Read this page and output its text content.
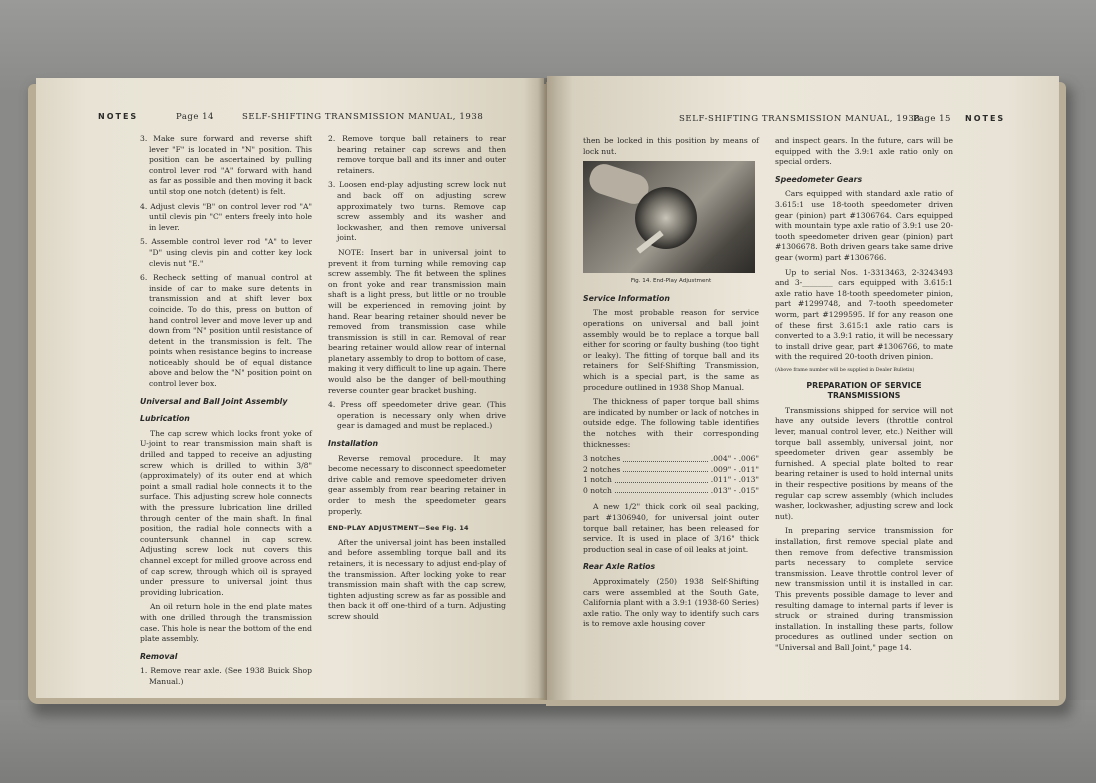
NOTES	Page 14	SELF-SHIFTING TRANSMISSION MANUAL, 1938
3. Make sure forward and reverse shift lever "F" is located in "N" position. This position can be ascertained by pulling control lever rod "A" forward with hand as far as possible and then moving it back until stop one notch (detent) is felt.
4. Adjust clevis "B" on control lever rod "A" until clevis pin "C" enters freely into hole in lever.
5. Assemble control lever rod "A" to lever "D" using clevis pin and cotter key lock clevis nut "E."
6. Recheck setting of manual control at inside of car to make sure detents in transmission and at shift lever box coincide. To do this, press on button of hand control lever and move lever up and down from "N" position until resistance of detent in the transmission is felt. The points when resistance begins to increase noticeably should be of equal distance above and below the "N" position point on control lever box.
Universal and Ball Joint Assembly
Lubrication

The cap screw which locks front yoke of U-joint to rear transmission main shaft is drilled and tapped to receive an adjusting screw which is drilled to within 3/8" (approximately) of its outer end at which point a small radial hole connects it to the surface. This adjusting screw hole connects with the pressure lubrication line drilled through center of the main shaft. In final position, the radial hole connects with a countersunk channel in cap screw. Adjusting screw lock nut covers this channel except for milled groove across end of cap screw, through which oil is sprayed under pressure to universal joint thus providing lubrication.

An oil return hole in the end plate mates with one drilled through the transmission case. This hole is near the bottom of the end plate assembly.

Removal
1. Remove rear axle. (See 1938 Buick Shop Manual.)
2. Remove torque ball retainers to rear bearing retainer cap screws and then remove torque ball and its inner and outer retainers.
3. Loosen end-play adjusting screw lock nut and back off on adjusting screw approximately two turns. Remove cap screw assembly and its washer and lockwasher, and then remove universal joint.

NOTE: Insert bar in universal joint to prevent it from turning while removing cap screw assembly. The fit between the splines on front yoke and rear transmission main shaft is a light press, but little or no trouble will be experienced in removing joint by hand. Rear bearing retainer should never be removed from transmission case while transmission is still in car. Removal of rear bearing retainer would allow rear of internal planetary assembly to drop to bottom of case, making it very difficult to line up again. There would also be the danger of bell-mouthing reverse counter gear bracket bushing.

4. Press off speedometer drive gear. (This operation is necessary only when drive gear is damaged and must be replaced.)
Installation

Reverse removal procedure. It may become necessary to disconnect speedometer drive cable and remove speedometer driven gear assembly from rear bearing retainer in order to mesh the speedometer gears properly.

END-PLAY ADJUSTMENT—See Fig. 14

After the universal joint has been installed and before assembling torque ball and its retainers, it is necessary to adjust end-play of the transmission. After locking yoke to rear transmission main shaft with the cap screw, tighten adjusting screw as far as possible and then back it off one-third of a turn. Adjusting screw should

SELF-SHIFTING TRANSMISSION MANUAL, 1938
Page 15 NOTES

then be locked in this position by means of lock nut.

Fig. 14. End-Play Adjustment
Service Information

The most probable reason for service operations on universal and ball joint assembly would be to replace a torque ball either for scoring or faulty bushing (too tight or leaky). The fitting of torque ball and its retainers for Self-Shifting Transmission, which is a special part, is the same as procedure outlined in 1938 Shop Manual.

The thickness of paper torque ball shims are indicated by number or lack of notches in outside edge. The following table identifies the notches with their corresponding thicknesses:

3 notches	.004" - .006"
2 notches	.009" - .011"
1 notch	.011" - .013"
0 notch	.013" - .015"

A new 1/2" thick cork oil seal packing, part #1306940, for universal joint outer torque ball retainer, has been released for service. It is used in place of 3/16" thick production seal in case of oil leaks at joint.

Rear Axle Ratios

Approximately (250) 1938 Self-Shifting cars were assembled at the South Gate, California plant with a 3.9:1 (1938-60 Series) axle ratio. The only way to identify such cars is to remove axle housing cover

and inspect gears. In the future, cars will be equipped with the 3.9:1 axle ratio only on special orders.

Speedometer Gears

Cars equipped with standard axle ratio of 3.615:1 use 18-tooth speedometer driven gear (pinion) part #1306764. Cars equipped with mountain type axle ratio of 3.9:1 use 20-tooth speedometer driven gear (pinion) part #1306678. Both driven gears take same drive gear (worm) part #1306766.

Up to serial Nos. 1-3313463, 2-3243493 and 3-________ cars equipped with 3.615:1 axle ratio have 18-tooth speedometer pinion, part #1299748, and 7-tooth speedometer worm, part #1299595. If for any reason one of these first 3.615:1 axle ratio cars is converted to a 3.9:1 ratio, it will be necessary to install drive gear, part #1306766, to mate with the required 20-tooth driven pinion.

(Above frame number will be supplied in Dealer Bulletin)

PREPARATION OF SERVICE TRANSMISSIONS

Transmissions shipped for service will not have any outside levers (throttle control lever, manual control lever, etc.) Neither will torque ball assembly, universal joint, nor speedometer driven gear assembly be furnished. A special plate bolted to rear bearing retainer is used to hold internal units in their respective positions by means of the regular cap screw assembly (which includes washer, lockwasher, adjusting screw and lock nut).

In preparing service transmission for installation, first remove special plate and then remove from defective transmission parts necessary to complete service transmission. Leave throttle control lever of new transmission until it is installed in car. This prevents possible damage to lever and resulting damage to internal parts if lever is struck or strained during transmission installation. In installing these parts, follow procedures as outlined under section on "Universal and Ball Joint," page 14.
